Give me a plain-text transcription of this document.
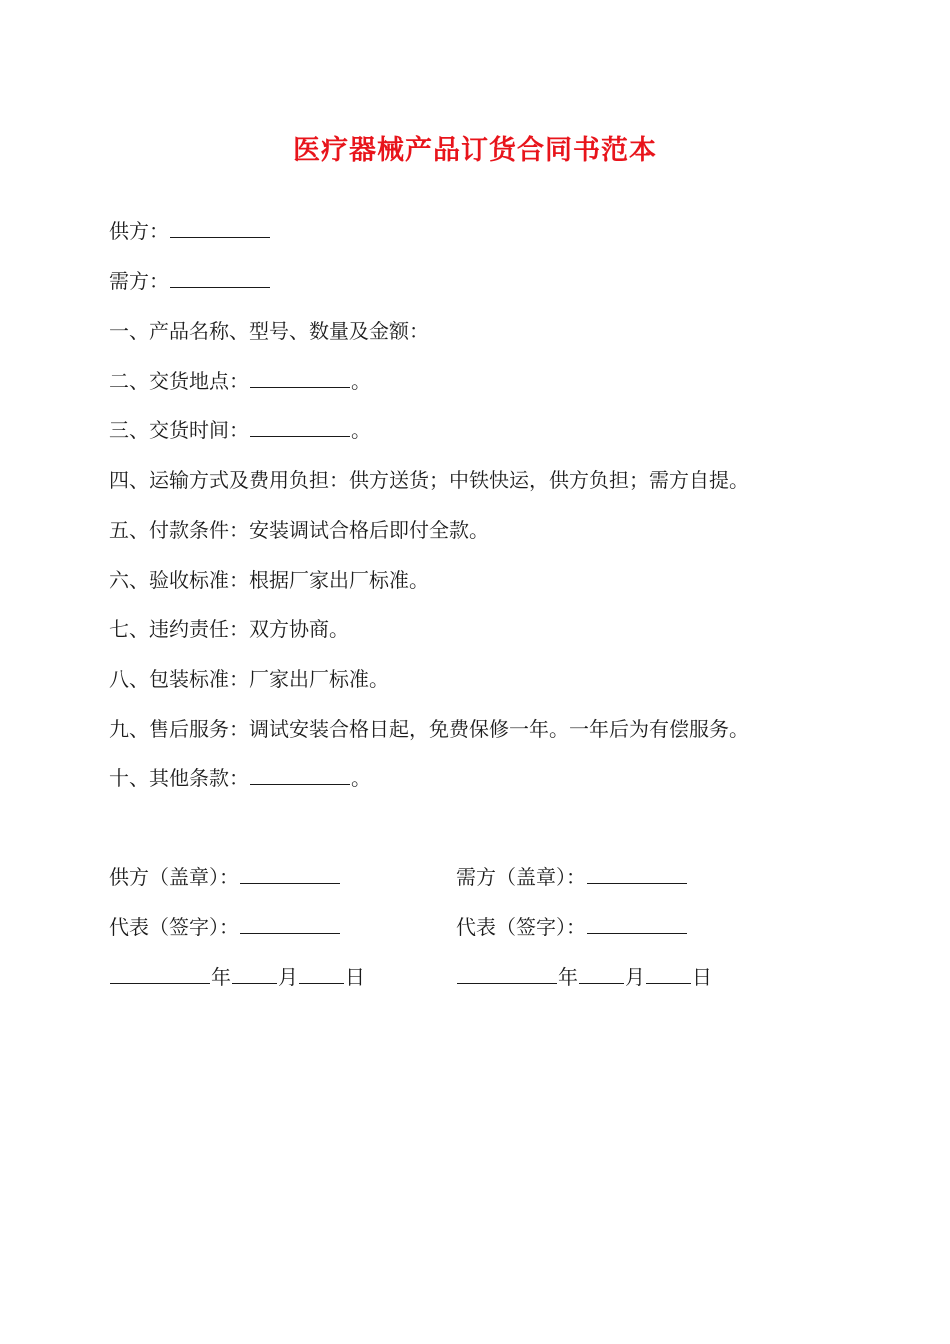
医疗器械产品订货合同书范本
供方：
需方：
一、产品名称、型号、数量及金额：
二、交货地点：	。
三、交货时间：	。
四、运输方式及费用负担：供方送货；中铁快运，供方负担；需方自提。
五、付款条件：安装调试合格后即付全款。
六、验收标准：根据厂家出厂标准。
七、违约责任：双方协商。
八、包装标准：厂家出厂标准。
九、售后服务：调试安装合格日起，免费保修一年。一年后为有偿服务。
十、其他条款：	。
供方（盖章）：	需方（盖章）：
代表（签字）：	代表（签字）：
年 月 日	年 月 日
